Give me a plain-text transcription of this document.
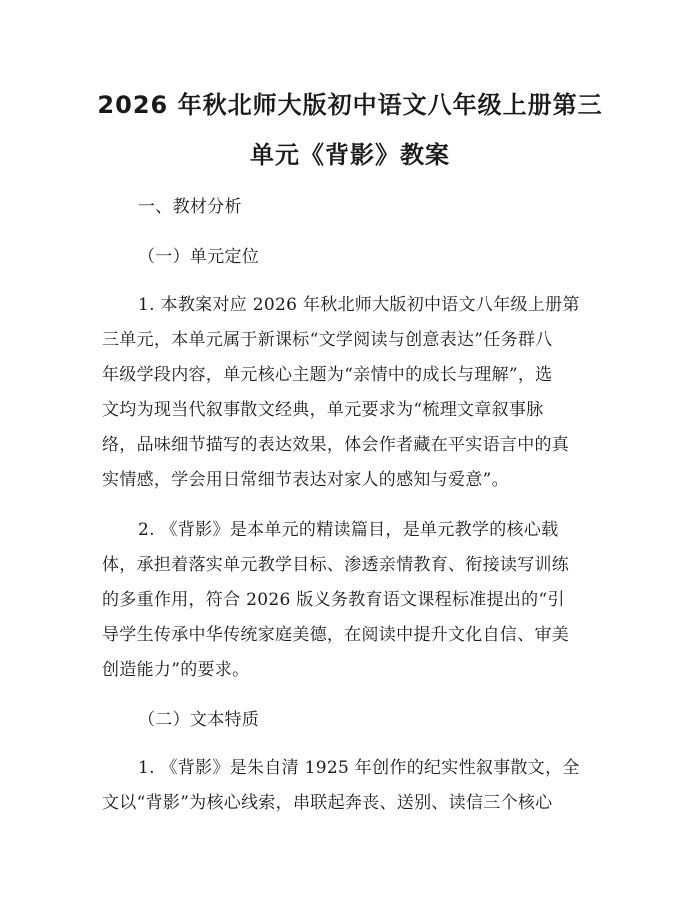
2026 年秋北师大版初中语文八年级上册第三
单元《背影》教案
一、教材分析
（一）单元定位
1. 本教案对应 2026 年秋北师大版初中语文八年级上册第
三单元，本单元属于新课标“文学阅读与创意表达”任务群八
年级学段内容，单元核心主题为“亲情中的成长与理解”，选
文均为现当代叙事散文经典，单元要求为“梳理文章叙事脉
络，品味细节描写的表达效果，体会作者藏在平实语言中的真
实情感，学会用日常细节表达对家人的感知与爱意”。
2. 《背影》是本单元的精读篇目，是单元教学的核心载
体，承担着落实单元教学目标、渗透亲情教育、衔接读写训练
的多重作用，符合 2026 版义务教育语文课程标准提出的“引
导学生传承中华传统家庭美德，在阅读中提升文化自信、审美
创造能力”的要求。
（二）文本特质
1. 《背影》是朱自清 1925 年创作的纪实性叙事散文，全
文以“背影”为核心线索，串联起奔丧、送别、读信三个核心
